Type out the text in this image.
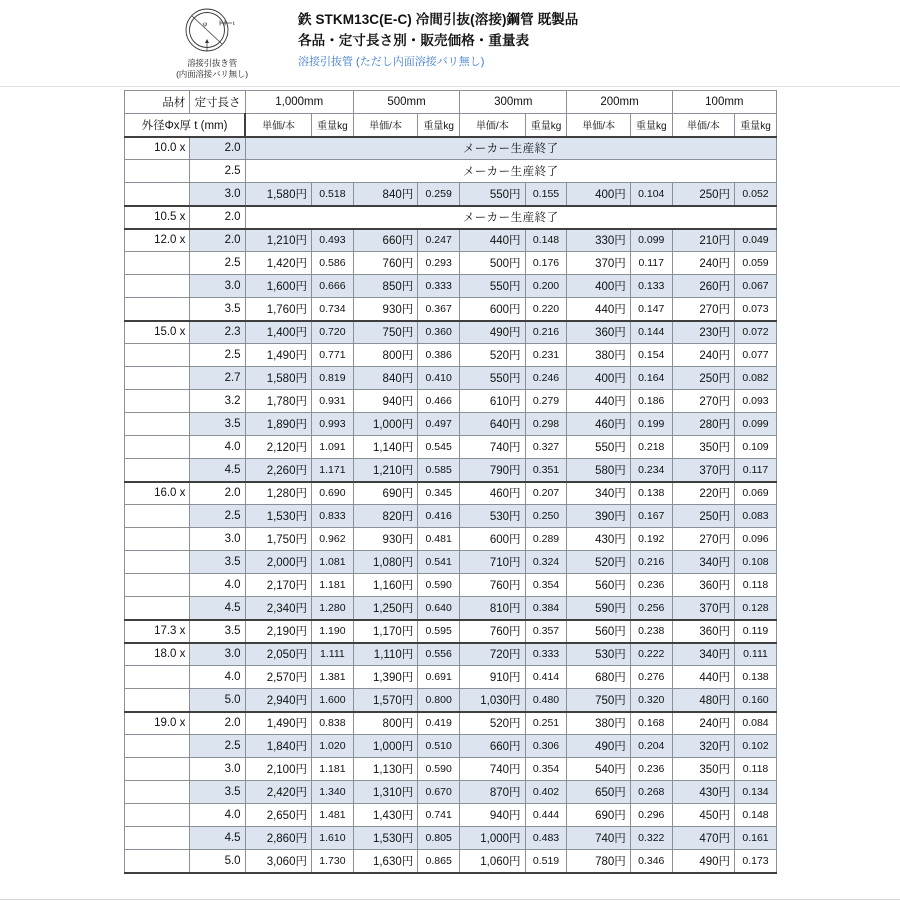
φ	t
溶接引抜き管
(内面溶接バリ無し)
鉄 STKM13C(E-C) 冷間引抜(溶接)鋼管 既製品
各品・定寸長さ別・販売価格・重量表
溶接引抜管 (ただし内面溶接バリ無し)
品材	定寸長さ	1,000mm		500mm		300mm		200mm		100mm	
外径Φx厚 t (mm)		単価/本	重量kg	単価/本	重量kg	単価/本	重量kg	単価/本	重量kg	単価/本	重量kg
10.0 x	2.0	メーカー生産終了									
	2.5	メーカー生産終了									
	3.0	1,580円	0.518	840円	0.259	550円	0.155	400円	0.104	250円	0.052
10.5 x	2.0	メーカー生産終了									
12.0 x	2.0	1,210円	0.493	660円	0.247	440円	0.148	330円	0.099	210円	0.049
	2.5	1,420円	0.586	760円	0.293	500円	0.176	370円	0.117	240円	0.059
	3.0	1,600円	0.666	850円	0.333	550円	0.200	400円	0.133	260円	0.067
	3.5	1,760円	0.734	930円	0.367	600円	0.220	440円	0.147	270円	0.073
15.0 x	2.3	1,400円	0.720	750円	0.360	490円	0.216	360円	0.144	230円	0.072
	2.5	1,490円	0.771	800円	0.386	520円	0.231	380円	0.154	240円	0.077
	2.7	1,580円	0.819	840円	0.410	550円	0.246	400円	0.164	250円	0.082
	3.2	1,780円	0.931	940円	0.466	610円	0.279	440円	0.186	270円	0.093
	3.5	1,890円	0.993	1,000円	0.497	640円	0.298	460円	0.199	280円	0.099
	4.0	2,120円	1.091	1,140円	0.545	740円	0.327	550円	0.218	350円	0.109
	4.5	2,260円	1.171	1,210円	0.585	790円	0.351	580円	0.234	370円	0.117
16.0 x	2.0	1,280円	0.690	690円	0.345	460円	0.207	340円	0.138	220円	0.069
	2.5	1,530円	0.833	820円	0.416	530円	0.250	390円	0.167	250円	0.083
	3.0	1,750円	0.962	930円	0.481	600円	0.289	430円	0.192	270円	0.096
	3.5	2,000円	1.081	1,080円	0.541	710円	0.324	520円	0.216	340円	0.108
	4.0	2,170円	1.181	1,160円	0.590	760円	0.354	560円	0.236	360円	0.118
	4.5	2,340円	1.280	1,250円	0.640	810円	0.384	590円	0.256	370円	0.128
17.3 x	3.5	2,190円	1.190	1,170円	0.595	760円	0.357	560円	0.238	360円	0.119
18.0 x	3.0	2,050円	1.111	1,110円	0.556	720円	0.333	530円	0.222	340円	0.111
	4.0	2,570円	1.381	1,390円	0.691	910円	0.414	680円	0.276	440円	0.138
	5.0	2,940円	1.600	1,570円	0.800	1,030円	0.480	750円	0.320	480円	0.160
19.0 x	2.0	1,490円	0.838	800円	0.419	520円	0.251	380円	0.168	240円	0.084
	2.5	1,840円	1.020	1,000円	0.510	660円	0.306	490円	0.204	320円	0.102
	3.0	2,100円	1.181	1,130円	0.590	740円	0.354	540円	0.236	350円	0.118
	3.5	2,420円	1.340	1,310円	0.670	870円	0.402	650円	0.268	430円	0.134
	4.0	2,650円	1.481	1,430円	0.741	940円	0.444	690円	0.296	450円	0.148
	4.5	2,860円	1.610	1,530円	0.805	1,000円	0.483	740円	0.322	470円	0.161
	5.0	3,060円	1.730	1,630円	0.865	1,060円	0.519	780円	0.346	490円	0.173
